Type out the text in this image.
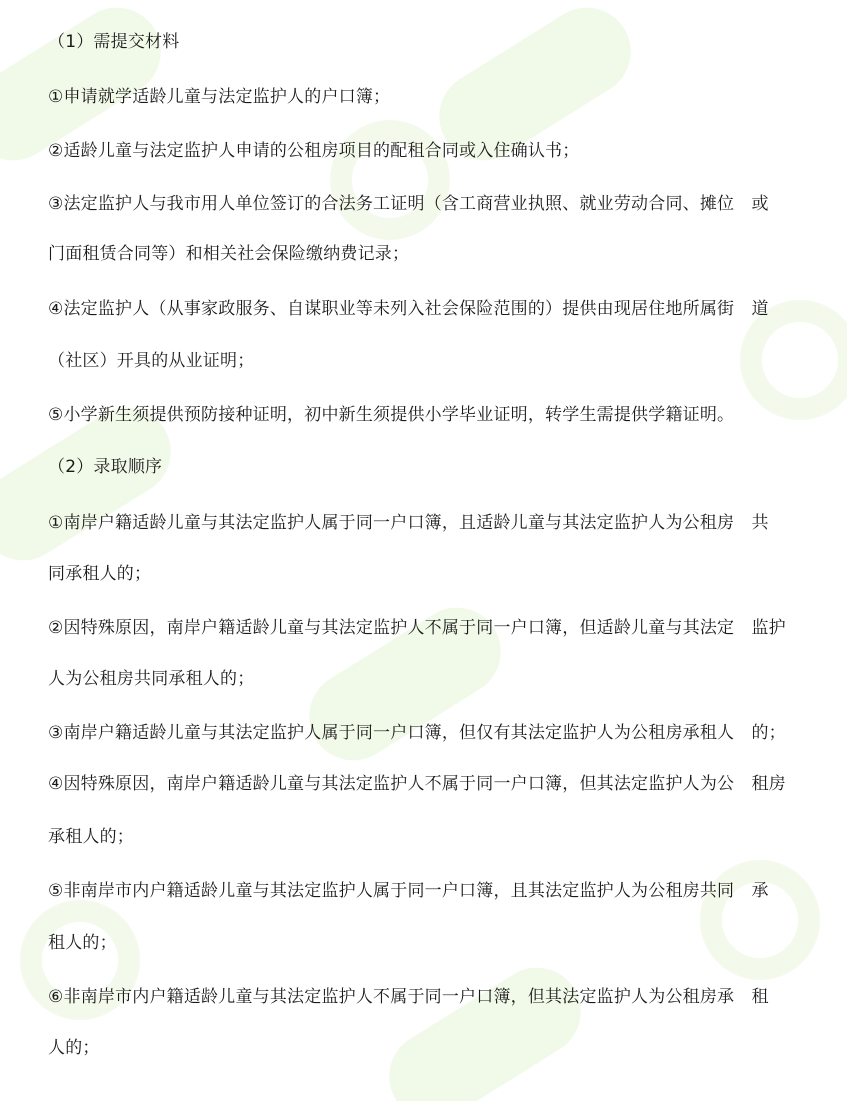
（1）需提交材料
①申请就学适龄儿童与法定监护人的户口簿；
②适龄儿童与法定监护人申请的公租房项目的配租合同或入住确认书；
③法定监护人与我市用人单位签订的合法务工证明（含工商营业执照、就业劳动合同、摊位　或
门面租赁合同等）和相关社会保险缴纳费记录；
④法定监护人（从事家政服务、自谋职业等未列入社会保险范围的）提供由现居住地所属街　道
（社区）开具的从业证明；
⑤小学新生须提供预防接种证明，初中新生须提供小学毕业证明，转学生需提供学籍证明。
（2）录取顺序
①南岸户籍适龄儿童与其法定监护人属于同一户口簿，且适龄儿童与其法定监护人为公租房　共
同承租人的；
②因特殊原因，南岸户籍适龄儿童与其法定监护人不属于同一户口簿，但适龄儿童与其法定　监护
人为公租房共同承租人的；
③南岸户籍适龄儿童与其法定监护人属于同一户口簿，但仅有其法定监护人为公租房承租人　的；
④因特殊原因，南岸户籍适龄儿童与其法定监护人不属于同一户口簿，但其法定监护人为公　租房
承租人的；
⑤非南岸市内户籍适龄儿童与其法定监护人属于同一户口簿，且其法定监护人为公租房共同　承
租人的；
⑥非南岸市内户籍适龄儿童与其法定监护人不属于同一户口簿，但其法定监护人为公租房承　租
人的；
